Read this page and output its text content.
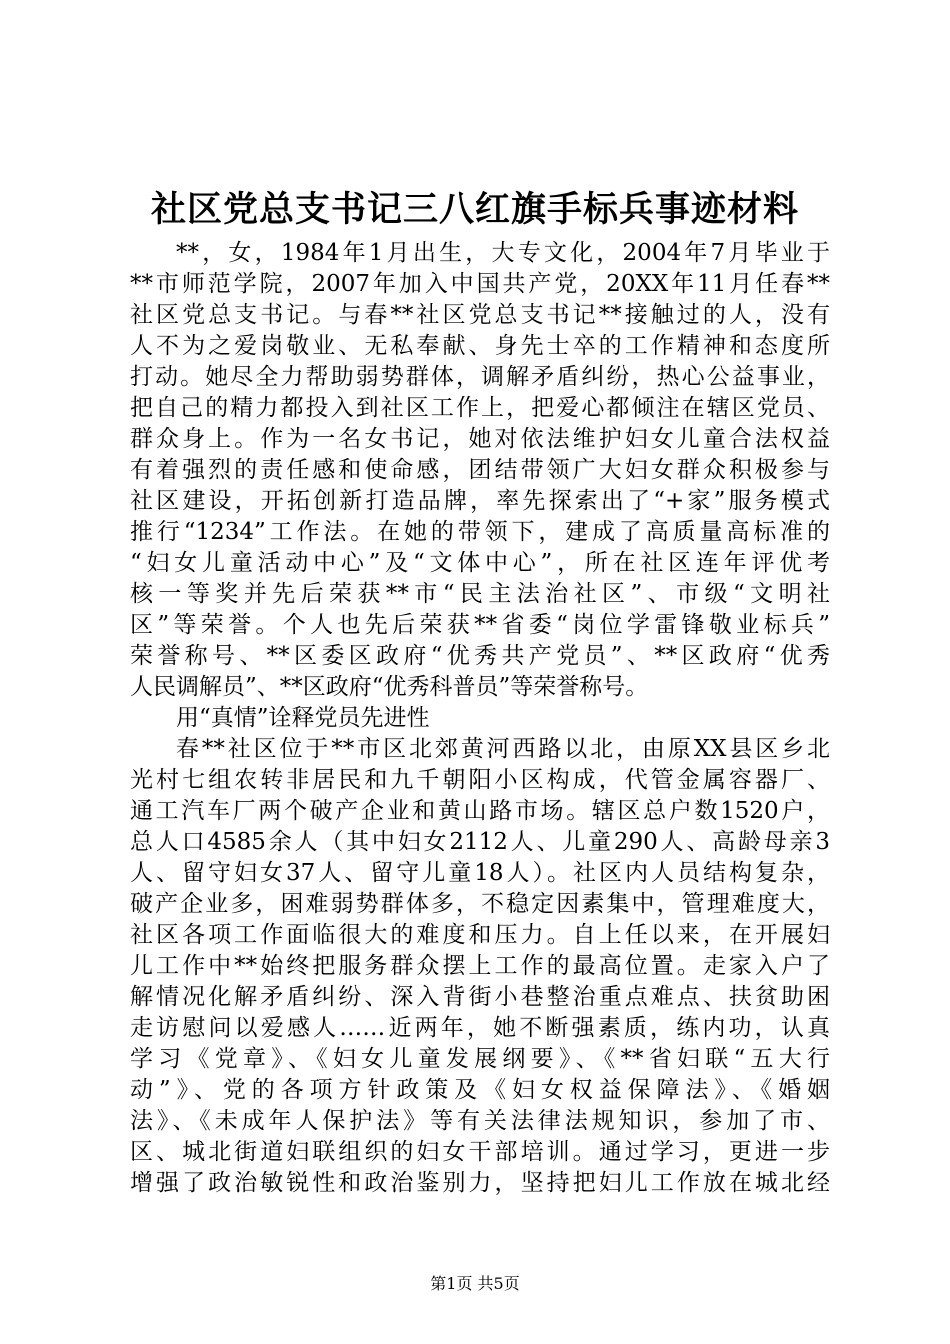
社区党总支书记三八红旗手标兵事迹材料
**，女，1984年1月出生，大专文化，2004年7月毕业于
**市师范学院，2007年加入中国共产党，20XX年11月任春**
社区党总支书记。与春**社区党总支书记**接触过的人，没有
人不为之爱岗敬业、无私奉献、身先士卒的工作精神和态度所
打动。她尽全力帮助弱势群体，调解矛盾纠纷，热心公益事业，
把自己的精力都投入到社区工作上，把爱心都倾注在辖区党员、
群众身上。作为一名女书记，她对依法维护妇女儿童合法权益
有着强烈的责任感和使命感，团结带领广大妇女群众积极参与
社区建设，开拓创新打造品牌，率先探索出了“+家”服务模式
推行“1234”工作法。在她的带领下，建成了高质量高标准的
“妇女儿童活动中心”及“文体中心”，所在社区连年评优考
核一等奖并先后荣获**市“民主法治社区”、市级“文明社
区”等荣誉。个人也先后荣获**省委“岗位学雷锋敬业标兵”
荣誉称号、**区委区政府“优秀共产党员”、**区政府“优秀
人民调解员”、**区政府“优秀科普员”等荣誉称号。
用“真情”诠释党员先进性
春**社区位于**市区北郊黄河西路以北，由原XX县区乡北
光村七组农转非居民和九千朝阳小区构成，代管金属容器厂、
通工汽车厂两个破产企业和黄山路市场。辖区总户数1520户，
总人口4585余人（其中妇女2112人、儿童290人、高龄母亲3
人、留守妇女37人、留守儿童18人）。社区内人员结构复杂，
破产企业多，困难弱势群体多，不稳定因素集中，管理难度大，
社区各项工作面临很大的难度和压力。自上任以来，在开展妇
儿工作中**始终把服务群众摆上工作的最高位置。走家入户了
解情况化解矛盾纠纷、深入背街小巷整治重点难点、扶贫助困
走访慰问以爱感人……近两年，她不断强素质，练内功，认真
学习《党章》、《妇女儿童发展纲要》、《**省妇联“五大行
动”》、党的各项方针政策及《妇女权益保障法》、《婚姻
法》、《未成年人保护法》等有关法律法规知识，参加了市、
区、城北街道妇联组织的妇女干部培训。通过学习，更进一步
增强了政治敏锐性和政治鉴别力，坚持把妇儿工作放在城北经
第1页 共5页
